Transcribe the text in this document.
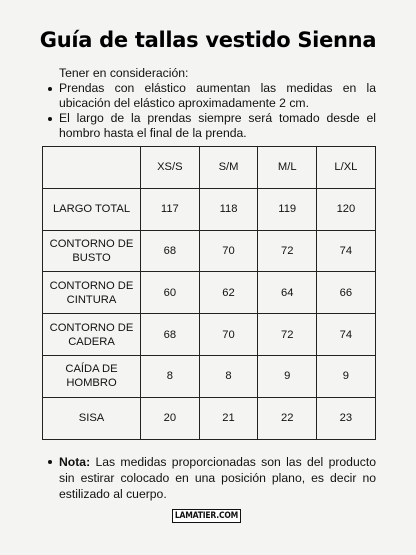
Guía de tallas vestido Sienna
Tener en consideración:
Prendas con elástico aumentan las medidas en la ubicación del elástico aproximadamente 2 cm.
El largo de la prendas siempre será tomado desde el hombro hasta el final de la prenda.
	XS/S	S/M	M/L	L/XL
LARGO TOTAL	117	118	119	120
CONTORNO DE BUSTO	68	70	72	74
CONTORNO DE CINTURA	60	62	64	66
CONTORNO DE CADERA	68	70	72	74
CAÍDA DE HOMBRO	8	8	9	9
SISA	20	21	22	23
Nota: Las medidas proporcionadas son las del producto sin estirar colocado en una posición plano, es decir no estilizado al cuerpo.
LAMATIER.COM
